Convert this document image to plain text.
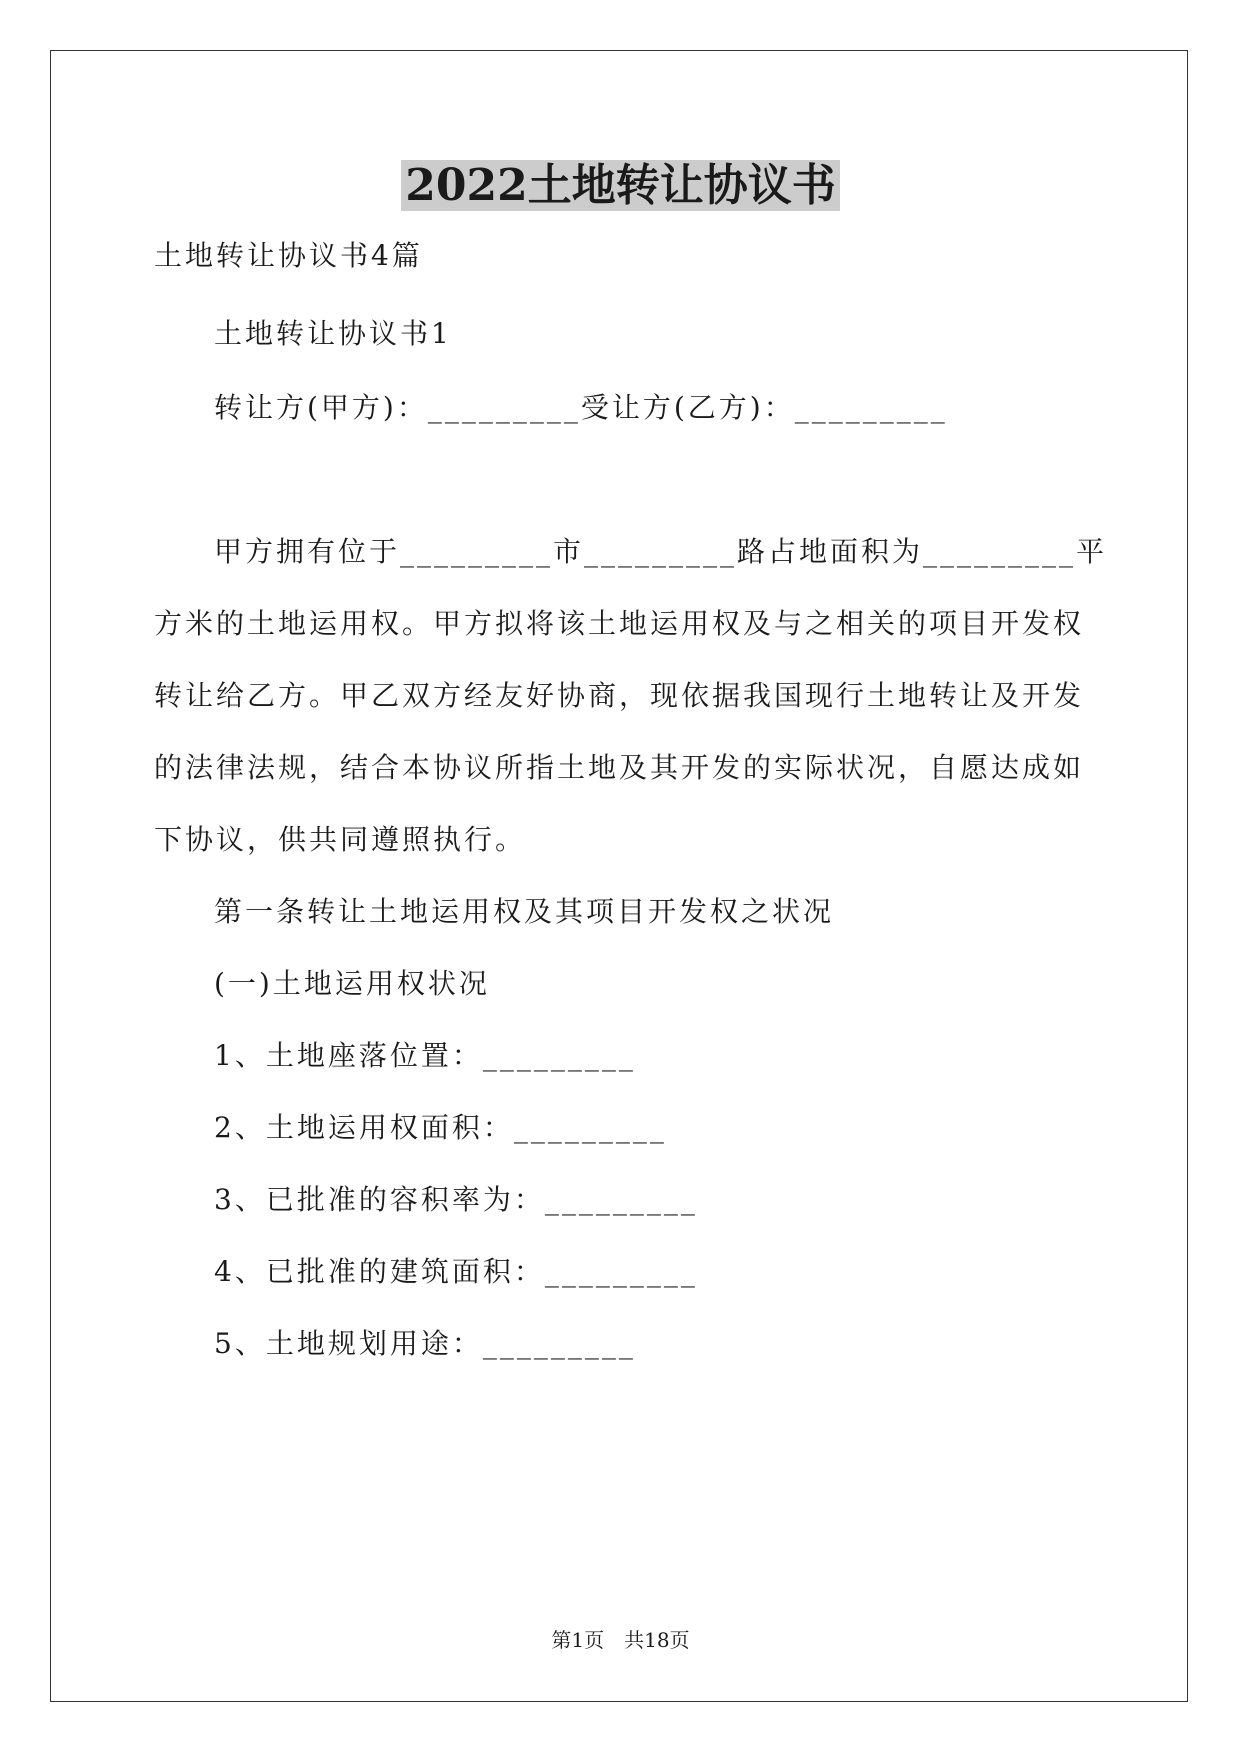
2022土地转让协议书

土地转让协议书4篇

土地转让协议书1

转让方(甲方)：_________受让方(乙方)：_________

甲方拥有位于_________市_________路占地面积为_________平

方米的土地运用权。甲方拟将该土地运用权及与之相关的项目开发权

转让给乙方。甲乙双方经友好协商，现依据我国现行土地转让及开发

的法律法规，结合本协议所指土地及其开发的实际状况，自愿达成如

下协议，供共同遵照执行。

第一条转让土地运用权及其项目开发权之状况

(一)土地运用权状况

1、土地座落位置：_________

2、土地运用权面积：_________

3、已批准的容积率为：_________

4、已批准的建筑面积：_________

5、土地规划用途：_________

第1页　共18页
